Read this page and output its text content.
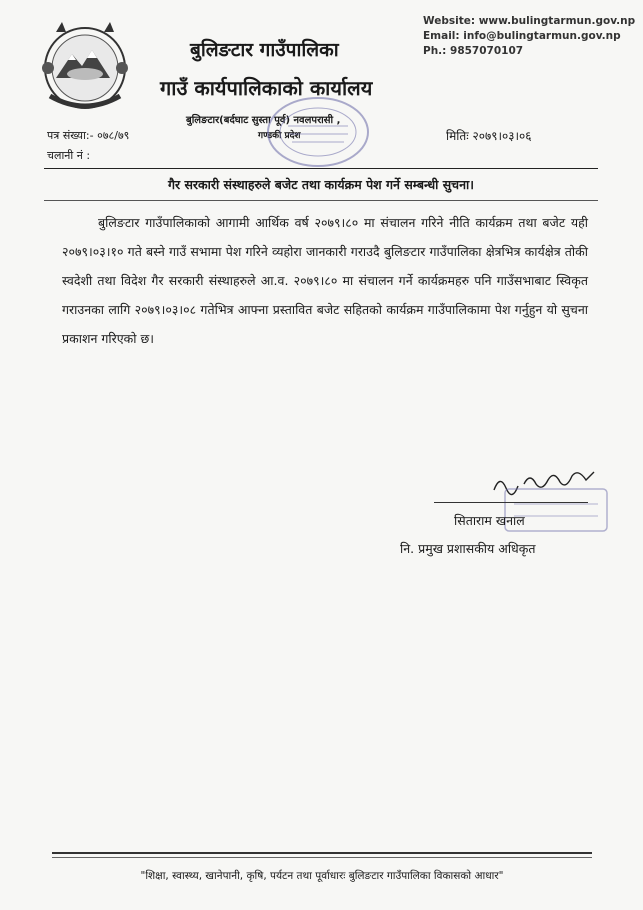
बुलिङटार गाउँपालिका
गाउँ कार्यपालिकाको कार्यालय
बुलिङटार(बर्दघाट सुस्ता पूर्व) नवलपरासी ,
गण्डकी प्रदेश
Website: www.bulingtarmun.gov.np
Email: info@bulingtarmun.gov.np
Ph.: 9857070107
पत्र संख्या:- ०७८/७९
चलानी नं :
मितिः २०७९।०३।०६
गैर सरकारी संस्थाहरुले बजेट तथा कार्यक्रम पेश गर्ने सम्बन्धी सुचना।
बुलिङटार गाउँपालिकाको आगामी आर्थिक वर्ष २०७९।८० मा संचालन गरिने नीति कार्यक्रम तथा बजेट यही २०७९।०३।१० गते बस्ने गाउँ सभामा पेश गरिने व्यहोरा जानकारी गराउदै बुलिङटार गाउँपालिका क्षेत्रभित्र कार्यक्षेत्र तोकी स्वदेशी तथा विदेश गैर सरकारी संस्थाहरुले आ.व. २०७९।८० मा संचालन गर्ने कार्यक्रमहरु पनि गाउँसभाबाट स्विकृत गराउनका लागि २०७९।०३।०८ गतेभित्र आफ्ना प्रस्तावित बजेट सहितको कार्यक्रम गाउँपालिकामा पेश गर्नुहुन यो सुचना प्रकाशन गरिएको छ।
सिताराम खनाल
नि. प्रमुख प्रशासकीय अधिकृत
"शिक्षा, स्वास्थ्य, खानेपानी, कृषि, पर्यटन तथा पूर्वाधारः बुलिङटार गाउँपालिका विकासको आधार"
